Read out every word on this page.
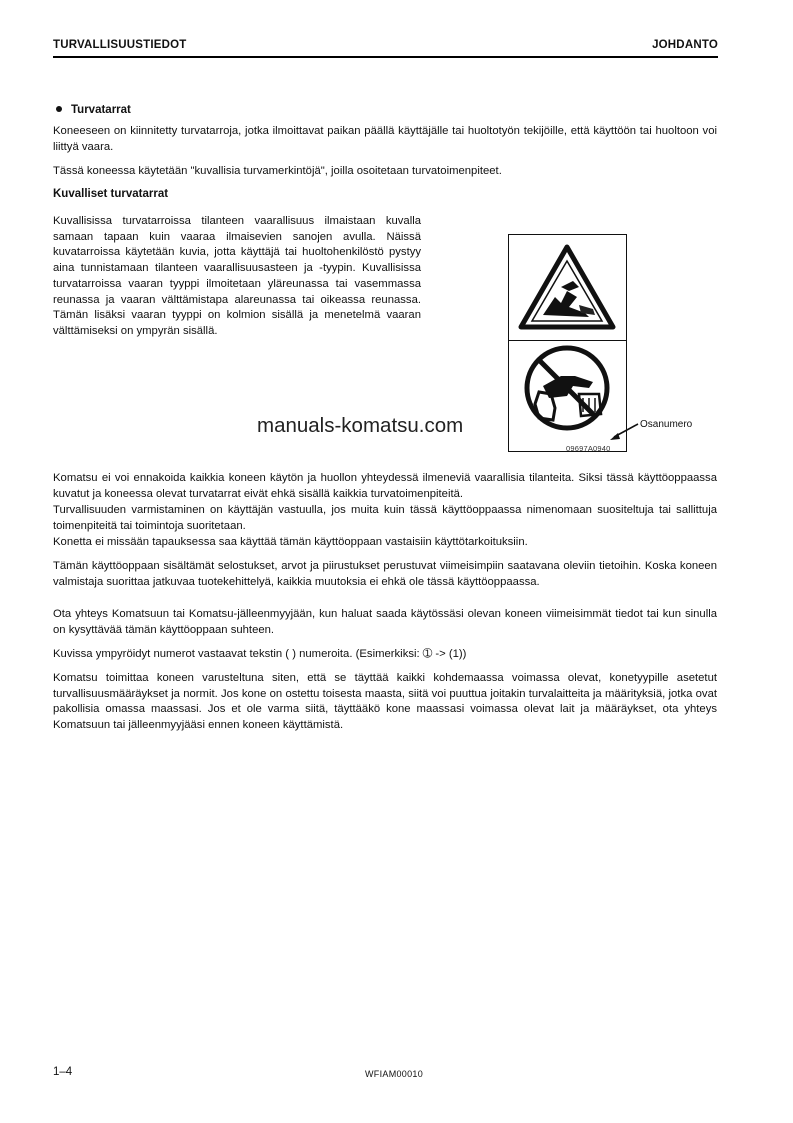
TURVALLISUUSTIEDOT	JOHDANTO
Turvatarrat

Koneeseen on kiinnitetty turvatarroja, jotka ilmoittavat paikan päällä käyttäjälle tai huoltotyön tekijöille, että käyttöön tai huoltoon voi liittyä vaara.

Tässä koneessa käytetään "kuvallisia turvamerkintöjä", joilla osoitetaan turvatoimenpiteet.

Kuvalliset turvatarrat

Kuvallisissa turvatarroissa tilanteen vaarallisuus ilmaistaan kuvalla samaan tapaan kuin vaaraa ilmaisevien sanojen avulla. Näissä kuvatarroissa käytetään kuvia, jotta käyttäjä tai huoltohenkilöstö pystyy aina tunnistamaan tilanteen vaarallisuusasteen ja -tyypin. Kuvallisissa turvatarroissa vaaran tyyppi ilmoitetaan yläreunassa tai vasemmassa reunassa ja vaaran välttämistapa alareunassa tai oikeassa reunassa. Tämän lisäksi vaaran tyyppi on kolmion sisällä ja menetelmä vaaran välttämiseksi on ympyrän sisällä.

09697A0940
Osanumero
manuals-komatsu.com

Komatsu ei voi ennakoida kaikkia koneen käytön ja huollon yhteydessä ilmeneviä vaarallisia tilanteita. Siksi tässä käyttöoppaassa kuvatut ja koneessa olevat turvatarrat eivät ehkä sisällä kaikkia turvatoimenpiteitä.

Turvallisuuden varmistaminen on käyttäjän vastuulla, jos muita kuin tässä käyttöoppaassa nimenomaan suositeltuja tai sallittuja toimenpiteitä tai toimintoja suoritetaan.

Konetta ei missään tapauksessa saa käyttää tämän käyttöoppaan vastaisiin käyttötarkoituksiin.

Tämän käyttöoppaan sisältämät selostukset, arvot ja piirustukset perustuvat viimeisimpiin saatavana oleviin tietoihin. Koska koneen valmistaja suorittaa jatkuvaa tuotekehittelyä, kaikkia muutoksia ei ehkä ole tässä käyttöoppaassa.

Ota yhteys Komatsuun tai Komatsu-jälleenmyyjään, kun haluat saada käytössäsi olevan koneen viimeisimmät tiedot tai kun sinulla on kysyttävää tämän käyttöoppaan suhteen.

Kuvissa ympyröidyt numerot vastaavat tekstin ( ) numeroita. (Esimerkiksi: ➀ -> (1))

Komatsu toimittaa koneen varusteltuna siten, että se täyttää kaikki kohdemaassa voimassa olevat, konetyypille asetetut turvallisuusmääräykset ja normit. Jos kone on ostettu toisesta maasta, siitä voi puuttua joitakin turvalaitteita ja määrityksiä, jotka ovat pakollisia omassa maassasi. Jos et ole varma siitä, täyttääkö kone maassasi voimassa olevat lait ja määräykset, ota yhteys Komatsuun tai jälleenmyyjääsi ennen koneen käyttämistä.

1–4	WFIAM00010
